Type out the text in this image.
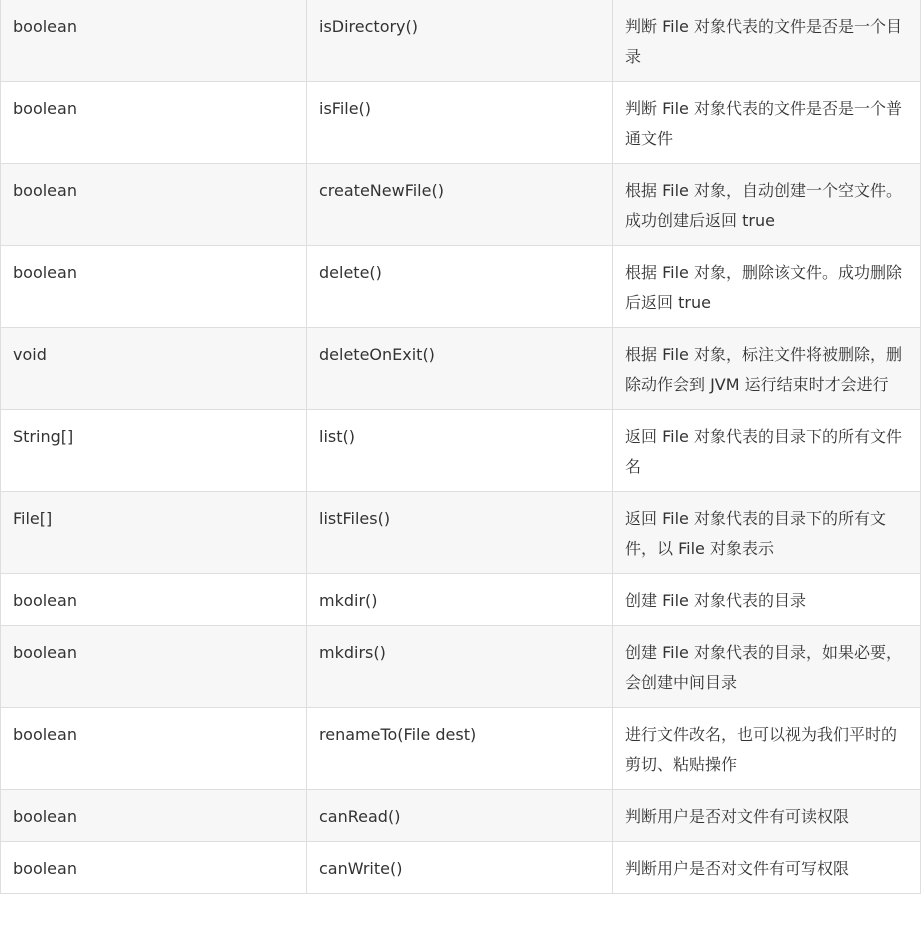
boolean	isDirectory()	判断 File 对象代表的文件是否是一个目录
boolean	isFile()	判断 File 对象代表的文件是否是一个普通文件
boolean	createNewFile()	根据 File 对象，自动创建一个空文件。成功创建后返回 true
boolean	delete()	根据 File 对象，删除该文件。成功删除后返回 true
void	deleteOnExit()	根据 File 对象，标注文件将被删除，删除动作会到 JVM 运行结束时才会进行
String[]	list()	返回 File 对象代表的目录下的所有文件名
File[]	listFiles()	返回 File 对象代表的目录下的所有文件，以 File 对象表示
boolean	mkdir()	创建 File 对象代表的目录
boolean	mkdirs()	创建 File 对象代表的目录，如果必要，会创建中间目录
boolean	renameTo(File dest)	进行文件改名，也可以视为我们平时的剪切、粘贴操作
boolean	canRead()	判断用户是否对文件有可读权限
boolean	canWrite()	判断用户是否对文件有可写权限
